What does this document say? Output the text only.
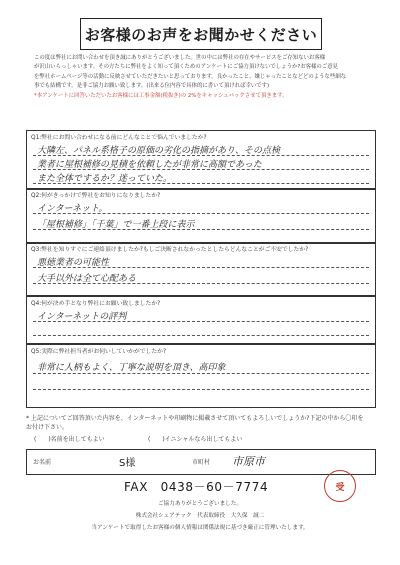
お客様のお声をお聞かせください

この度は弊社にお問い合わせを頂き誠にありがとうございました。世の中には弊社の存在やサービスをご存知ないお客様

が沢山いらっしゃいます。その方たちに弊社をよく知って頂くためのアンケートにご協力頂けないでしょうか?お客様のご意見

を弊社ホームページ等の活動に反映させていただきたいと思っております。良かったこと、嫌じゃったことなどどのような些細な

事でも結構です。是非ご協力お願い致します。(出来る位内容で具体的に書いて頂ければ幸いです)

*本アンケートに回答いただいたお客様には工事金額(税抜き)の 2%をキャッシュバックさせて頂きます。

Q1:弊社にお問い合わせになる前にどんなことで悩んでいましたか?
大隣左、パネル系格子の原価の劣化の指摘があり、その点検
業者に屋根補修の見積を依頼したが非常に高額であった
また全体でするか？迷っていた。
Q2:何がきっかけで弊社をお知りになりましたか?
インターネット。
「屋根補修」「千葉」で一番上段に表示
Q3:弊社を知りすぐにご連絡頂けましたか?もしご決断されなかったとしたらどんなことがご不安でしたか?
悪徳業者の可能性
大手以外は全て心配ある
Q4:何が決め手となり弊社にお願い致しましたか?
インターネットの評判
Q5:実際に弊社担当者がお伺いしていかがでしたか?
非常に人柄もよく、丁寧な説明を頂き、高印象
* 上記についてご回答頂いた内容を、インターネットや印刷物に掲載させて頂いてもよろしいでしょうか?下記の中から〇印を
お付け下さい。
(　　)名前を出してもよい	(　　)イニシャルなら出してもよい
お名前	S様	市町村 市原市
FAX　0438－60－7774	受
ご協力ありがとうございました。
株式会社シェアテック　代表取締役　大久保　誠二
当アンケートで取得したお客様の個人情報は関係法規に基づき厳正に管理いたします。
